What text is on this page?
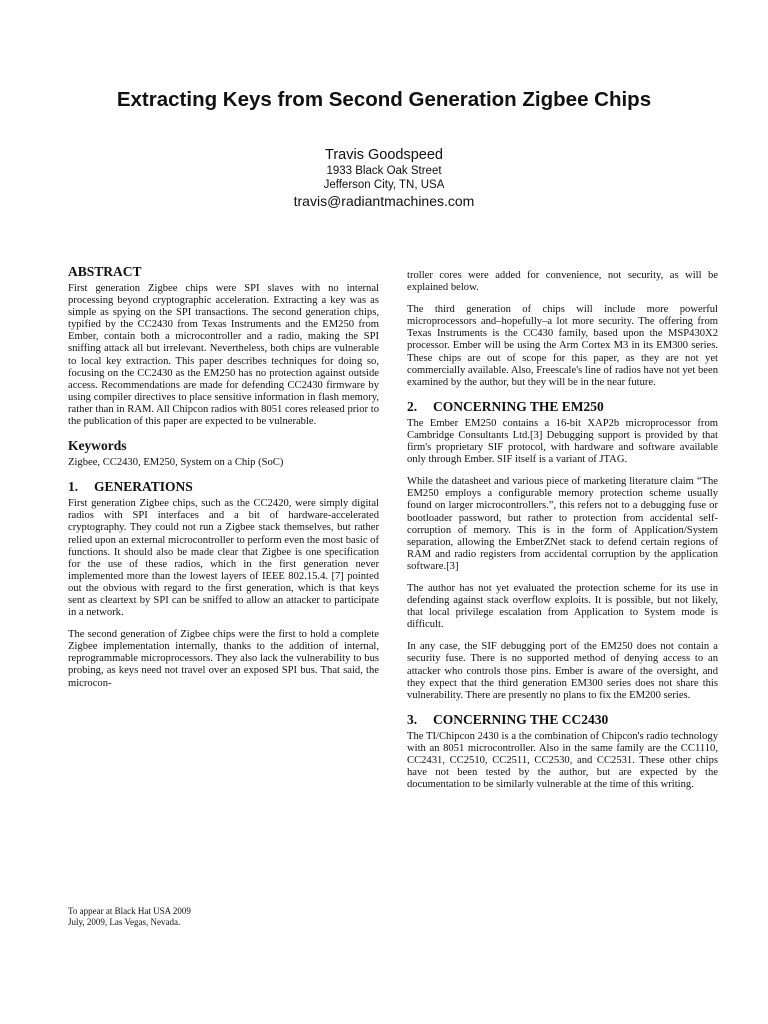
Extracting Keys from Second Generation Zigbee Chips
Travis Goodspeed
1933 Black Oak Street
Jefferson City, TN, USA
travis@radiantmachines.com
ABSTRACT

First generation Zigbee chips were SPI slaves with no internal processing beyond cryptographic acceleration. Extracting a key was as simple as spying on the SPI transactions. The second generation chips, typified by the CC2430 from Texas Instruments and the EM250 from Ember, contain both a microcontroller and a radio, making the SPI sniffing attack all but irrelevant. Nevertheless, both chips are vulnerable to local key extraction. This paper describes techniques for doing so, focusing on the CC2430 as the EM250 has no protection against outside access. Recommendations are made for defending CC2430 firmware by using compiler directives to place sensitive information in flash memory, rather than in RAM. All Chipcon radios with 8051 cores released prior to the publication of this paper are expected to be vulnerable.

Keywords

Zigbee, CC2430, EM250, System on a Chip (SoC)

1. GENERATIONS

First generation Zigbee chips, such as the CC2420, were simply digital radios with SPI interfaces and a bit of hardware-accelerated cryptography. They could not run a Zigbee stack themselves, but rather relied upon an external microcontroller to perform even the most basic of functions. It should also be made clear that Zigbee is one specification for the use of these radios, which in the first generation never implemented more than the lowest layers of IEEE 802.15.4. [7] pointed out the obvious with regard to the first generation, which is that keys sent as cleartext by SPI can be sniffed to allow an attacker to participate in a network.

The second generation of Zigbee chips were the first to hold a complete Zigbee implementation internally, thanks to the addition of internal, reprogrammable microprocessors. They also lack the vulnerability to bus probing, as keys need not travel over an exposed SPI bus. That said, the microcon-

troller cores were added for convenience, not security, as will be explained below.

The third generation of chips will include more powerful microprocessors and–hopefully–a lot more security. The offering from Texas Instruments is the CC430 family, based upon the MSP430X2 processor. Ember will be using the Arm Cortex M3 in its EM300 series. These chips are out of scope for this paper, as they are not yet commercially available. Also, Freescale's line of radios have not yet been examined by the author, but they will be in the near future.

2. CONCERNING THE EM250

The Ember EM250 contains a 16-bit XAP2b microprocessor from Cambridge Consultants Ltd.[3] Debugging support is provided by that firm's proprietary SIF protocol, with hardware and software available only through Ember. SIF itself is a variant of JTAG.

While the datasheet and various piece of marketing literature claim “The EM250 employs a configurable memory protection scheme usually found on larger microcontrollers.”, this refers not to a debugging fuse or bootloader password, but rather to protection from accidental self-corruption of memory. This is in the form of Application/System separation, allowing the EmberZNet stack to defend certain regions of RAM and radio registers from accidental corruption by the application software.[3]

The author has not yet evaluated the protection scheme for its use in defending against stack overflow exploits. It is possible, but not likely, that local privilege escalation from Application to System mode is difficult.

In any case, the SIF debugging port of the EM250 does not contain a security fuse. There is no supported method of denying access to an attacker who controls those pins. Ember is aware of the oversight, and they expect that the third generation EM300 series does not share this vulnerability. There are presently no plans to fix the EM200 series.

3. CONCERNING THE CC2430

The TI/Chipcon 2430 is a the combination of Chipcon's radio technology with an 8051 microcontroller. Also in the same family are the CC1110, CC2431, CC2510, CC2511, CC2530, and CC2531. These other chips have not been tested by the author, but are expected by the documentation to be similarly vulnerable at the time of this writing.

To appear at Black Hat USA 2009
July, 2009, Las Vegas, Nevada.
